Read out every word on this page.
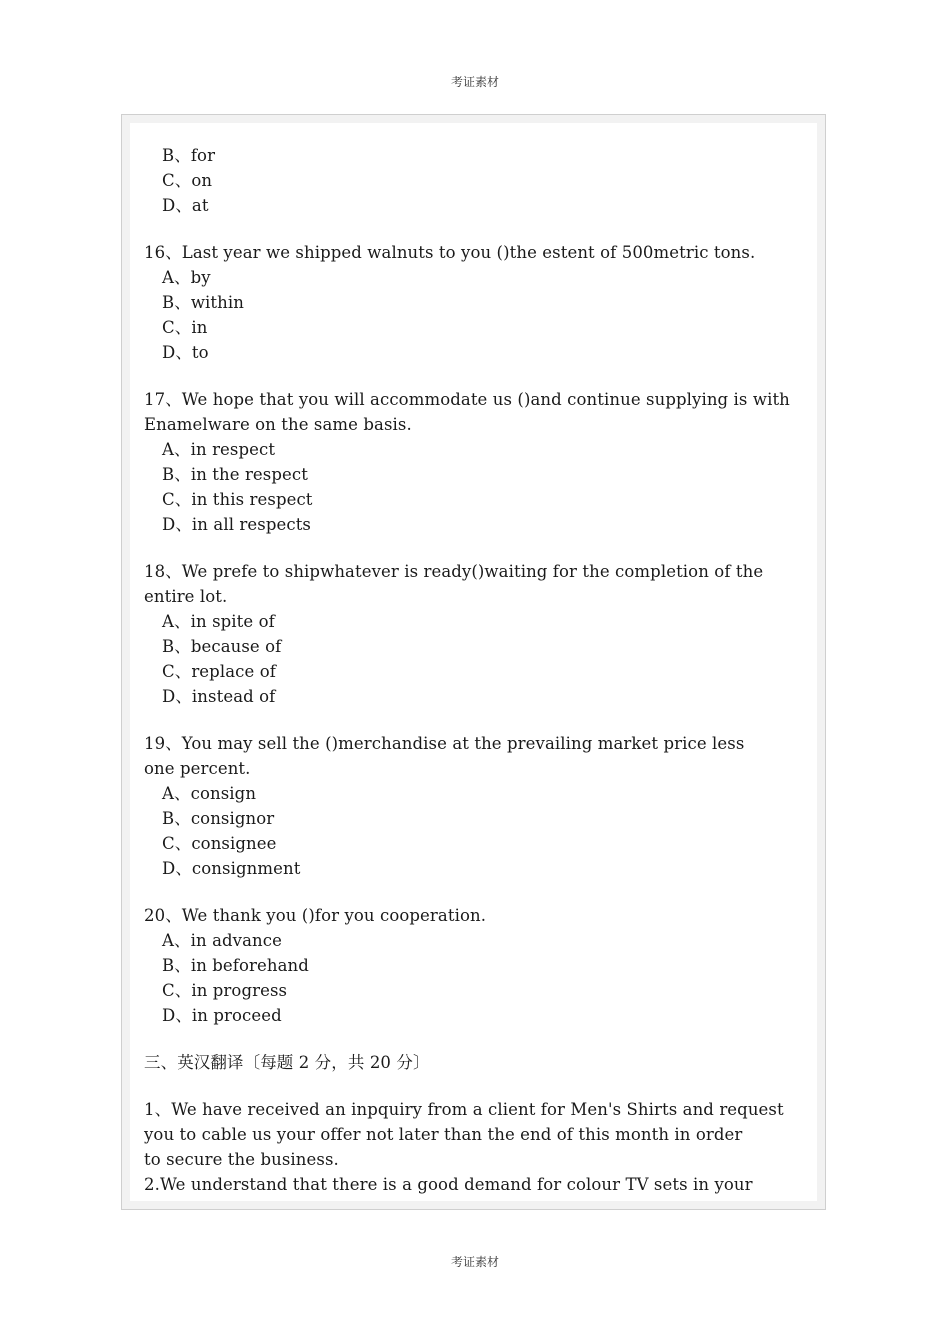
考证素材
B、for
C、on
D、at
16、Last year we shipped walnuts to you ()the estent of 500metric tons.
A、by
B、within
C、in
D、to
17、We hope that you will accommodate us ()and continue supplying is with
Enamelware on the same basis.
A、in respect
B、in the respect
C、in this respect
D、in all respects
18、We prefe to shipwhatever is ready()waiting for the completion of the
entire lot.
A、in spite of
B、because of
C、replace of
D、instead of
19、You may sell the ()merchandise at the prevailing market price less
one percent.
A、consign
B、consignor
C、consignee
D、consignment
20、We thank you ()for you cooperation.
A、in advance
B、in beforehand
C、in progress
D、in proceed
三、英汉翻译〔每题 2 分，共 20 分〕
1、We have received an inpquiry from a client for Men's Shirts and request
you to cable us your offer not later than the end of this month in order
to secure the business.
2.We understand that there is a good demand for colour TV sets in your
考证素材
